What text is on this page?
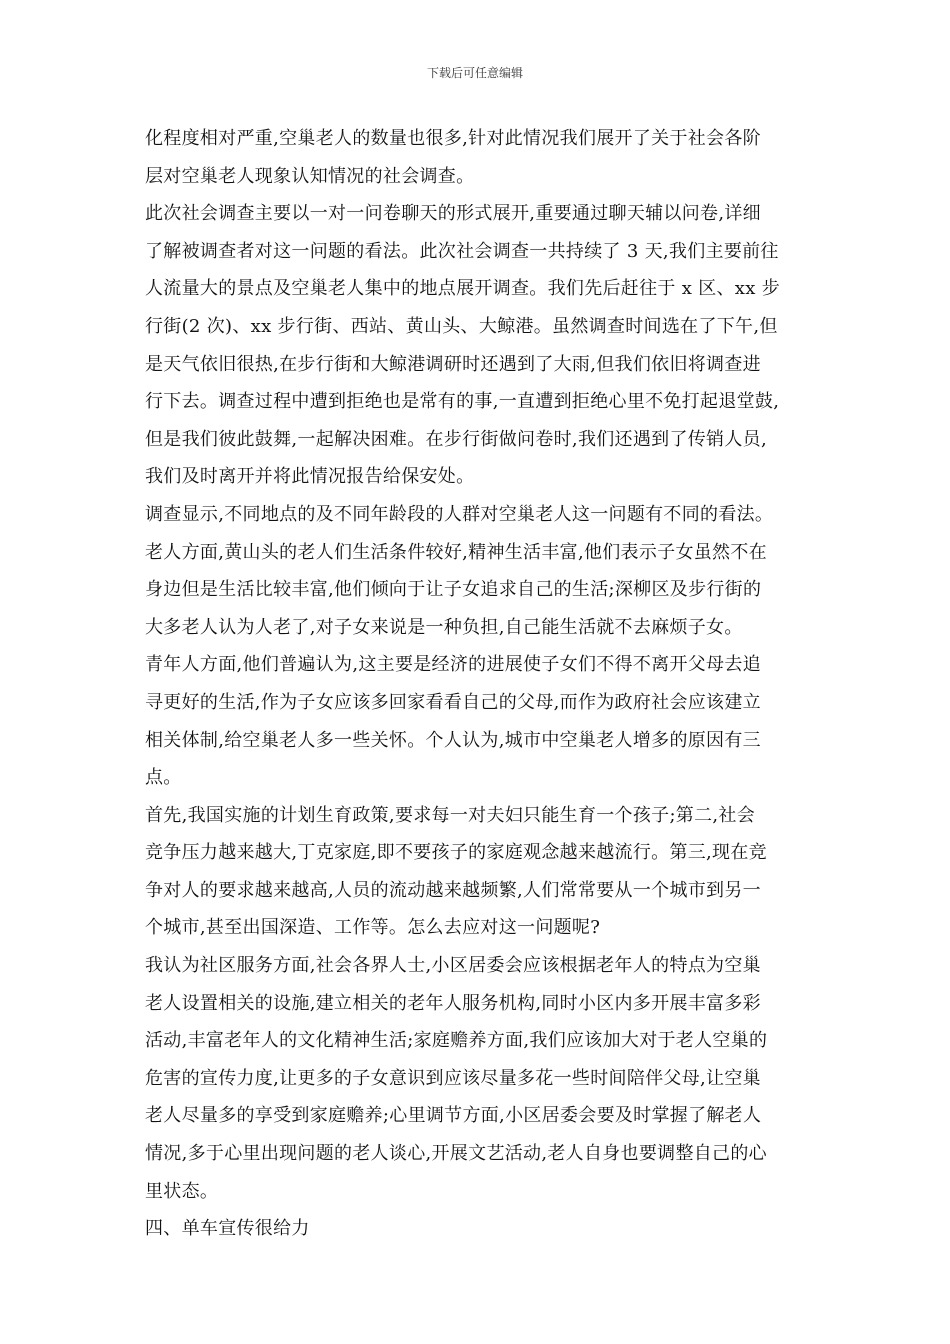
下载后可任意编辑
化程度相对严重,空巢老人的数量也很多,针对此情况我们展开了关于社会各阶
层对空巢老人现象认知情况的社会调查。
此次社会调查主要以一对一问卷聊天的形式展开,重要通过聊天辅以问卷,详细
了解被调查者对这一问题的看法。此次社会调查一共持续了 3 天,我们主要前往
人流量大的景点及空巢老人集中的地点展开调查。我们先后赶往于 x 区、xx 步
行街(2 次)、xx 步行街、西站、黄山头、大鲸港。虽然调查时间选在了下午,但
是天气依旧很热,在步行街和大鲸港调研时还遇到了大雨,但我们依旧将调查进
行下去。调查过程中遭到拒绝也是常有的事,一直遭到拒绝心里不免打起退堂鼓,
但是我们彼此鼓舞,一起解决困难。在步行街做问卷时,我们还遇到了传销人员,
我们及时离开并将此情况报告给保安处。
调查显示,不同地点的及不同年龄段的人群对空巢老人这一问题有不同的看法。
老人方面,黄山头的老人们生活条件较好,精神生活丰富,他们表示子女虽然不在
身边但是生活比较丰富,他们倾向于让子女追求自己的生活;深柳区及步行街的
大多老人认为人老了,对子女来说是一种负担,自己能生活就不去麻烦子女。
青年人方面,他们普遍认为,这主要是经济的进展使子女们不得不离开父母去追
寻更好的生活,作为子女应该多回家看看自己的父母,而作为政府社会应该建立
相关体制,给空巢老人多一些关怀。个人认为,城市中空巢老人增多的原因有三
点。
首先,我国实施的计划生育政策,要求每一对夫妇只能生育一个孩子;第二,社会
竞争压力越来越大,丁克家庭,即不要孩子的家庭观念越来越流行。第三,现在竞
争对人的要求越来越高,人员的流动越来越频繁,人们常常要从一个城市到另一
个城市,甚至出国深造、工作等。怎么去应对这一问题呢?
我认为社区服务方面,社会各界人士,小区居委会应该根据老年人的特点为空巢
老人设置相关的设施,建立相关的老年人服务机构,同时小区内多开展丰富多彩
活动,丰富老年人的文化精神生活;家庭赡养方面,我们应该加大对于老人空巢的
危害的宣传力度,让更多的子女意识到应该尽量多花一些时间陪伴父母,让空巢
老人尽量多的享受到家庭赡养;心里调节方面,小区居委会要及时掌握了解老人
情况,多于心里出现问题的老人谈心,开展文艺活动,老人自身也要调整自己的心
里状态。
四、单车宣传很给力
